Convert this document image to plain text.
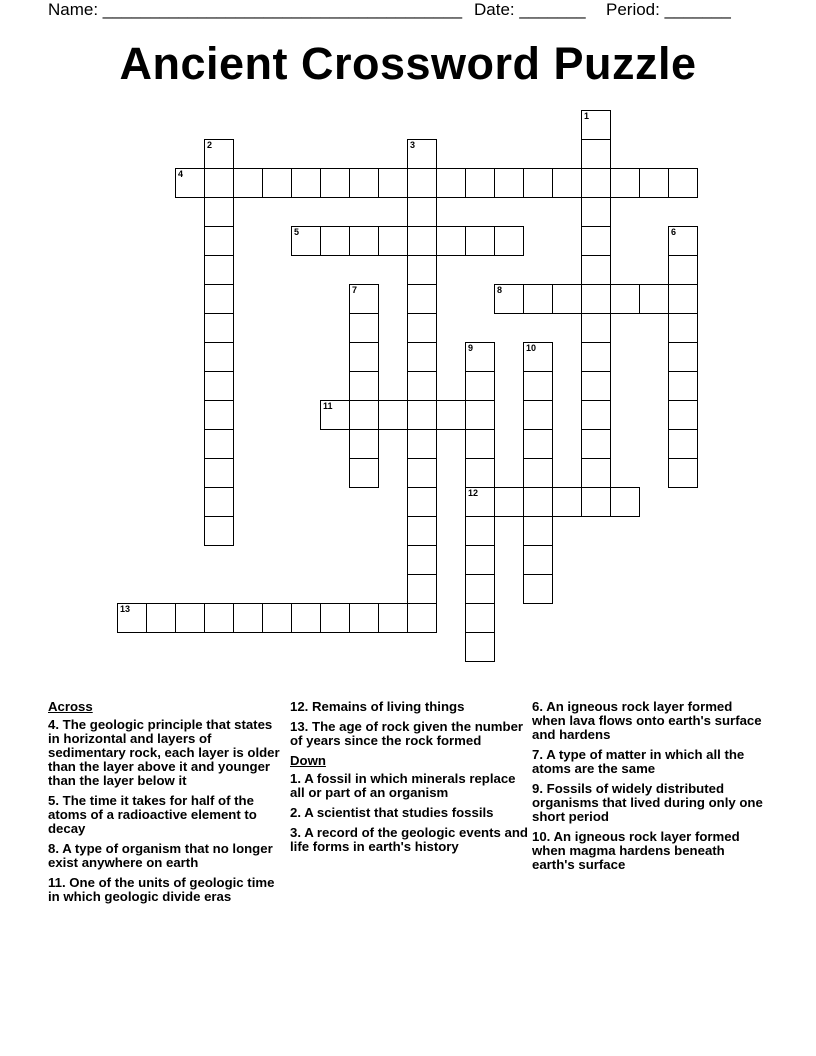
Name: ______________________________________ Date: _______ Period: _______
Ancient Crossword Puzzle
1
2	3
4
5	6
7	8
9
12
10
11
13
Across
4. The geologic principle that states in horizontal and layers of sedimentary rock, each layer is older than the layer above it and younger than the layer below it
5. The time it takes for half of the atoms of a radioactive element to decay
8. A type of organism that no longer exist anywhere on earth
11. One of the units of geologic time in which geologic divide eras
12. Remains of living things
13. The age of rock given the number of years since the rock formed
Down
1. A fossil in which minerals replace all or part of an organism
2. A scientist that studies fossils
3. A record of the geologic events and life forms in earth's history
6. An igneous rock layer formed when lava flows onto earth's surface and hardens
7. A type of matter in which all the atoms are the same
9. Fossils of widely distributed organisms that lived during only one short period
10. An igneous rock layer formed when magma hardens beneath earth's surface
